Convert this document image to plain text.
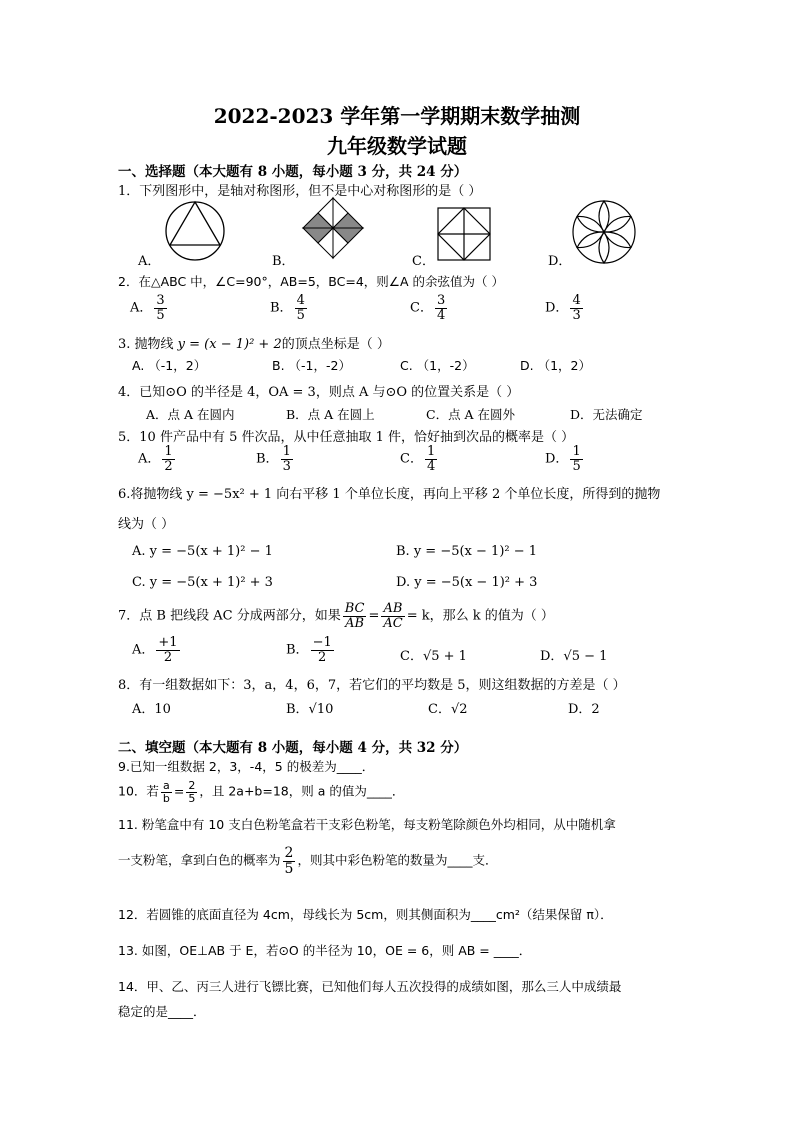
2022-2023 学年第一学期期末数学抽测
九年级数学试题
一、选择题（本大题有 8 小题，每小题 3 分，共 24 分）
1．下列图形中，是轴对称图形，但不是中心对称图形的是（ ）
A．	B．	C．	D．
2．在△ABC 中，∠C=90°，AB=5，BC=4，则∠A 的余弦值为（ ）
A． $\frac{3}{5}$	B． $\frac{4}{5}$	C． $\frac{3}{4}$	D． $\frac{4}{3}$
3. 抛物线 y = (x − 1)² + 2的顶点坐标是（ ）
A. （-1，2）	B. （-1，-2）	C. （1，-2）	D. （1，2）
4．已知⊙O 的半径是 4，OA = 3，则点 A 与⊙O 的位置关系是（ ）
A．点 A 在圆内	B．点 A 在圆上	C．点 A 在圆外	D．无法确定
5．10 件产品中有 5 件次品，从中任意抽取 1 件，恰好抽到次品的概率是（ ）
A． $\frac{1}{2}$	B． $\frac{1}{3}$	C． $\frac{1}{4}$	D． $\frac{1}{5}$
6.将抛物线 y = −5x² + 1 向右平移 1 个单位长度，再向上平移 2 个单位长度，所得到的抛物
线为（ ）
A. y = −5(x + 1)² − 1	B. y = −5(x − 1)² − 1
C. y = −5(x + 1)² + 3	D. y = −5(x − 1)² + 3
7．点 B 把线段 AC 分成两部分，如果 $\frac{BC}{AB} = \frac{AB}{AC} = k$，那么 k 的值为（ ）
A． $\frac{+1}{2}$	B． $\frac{-1}{2}$	C．√5 + 1	D．√5 − 1
8．有一组数据如下：3，a，4，6，7，若它们的平均数是 5，则这组数据的方差是（ ）
A．10	B．√10	C．√2	D．2
二、填空题（本大题有 8 小题，每小题 4 分，共 32 分）
9.已知一组数据 2，3，-4，5 的极差为____．
10．若 $\frac{a}{b} = \frac{2}{5}$ ，且 2a+b=18，则 a 的值为____．
11. 粉笔盒中有 10 支白色粉笔盒若干支彩色粉笔，每支粉笔除颜色外均相同，从中随机拿
一支粉笔，拿到白色的概率为 $\frac{2}{5}$ ，则其中彩色粉笔的数量为____支．
12．若圆锥的底面直径为 4cm，母线长为 5cm，则其侧面积为____cm²（结果保留 π）．
13. 如图，OE⊥AB 于 E，若⊙O 的半径为 10，OE = 6，则 AB = ____．
14．甲、乙、丙三人进行飞镖比赛，已知他们每人五次投得的成绩如图，那么三人中成绩最
稳定的是____．
